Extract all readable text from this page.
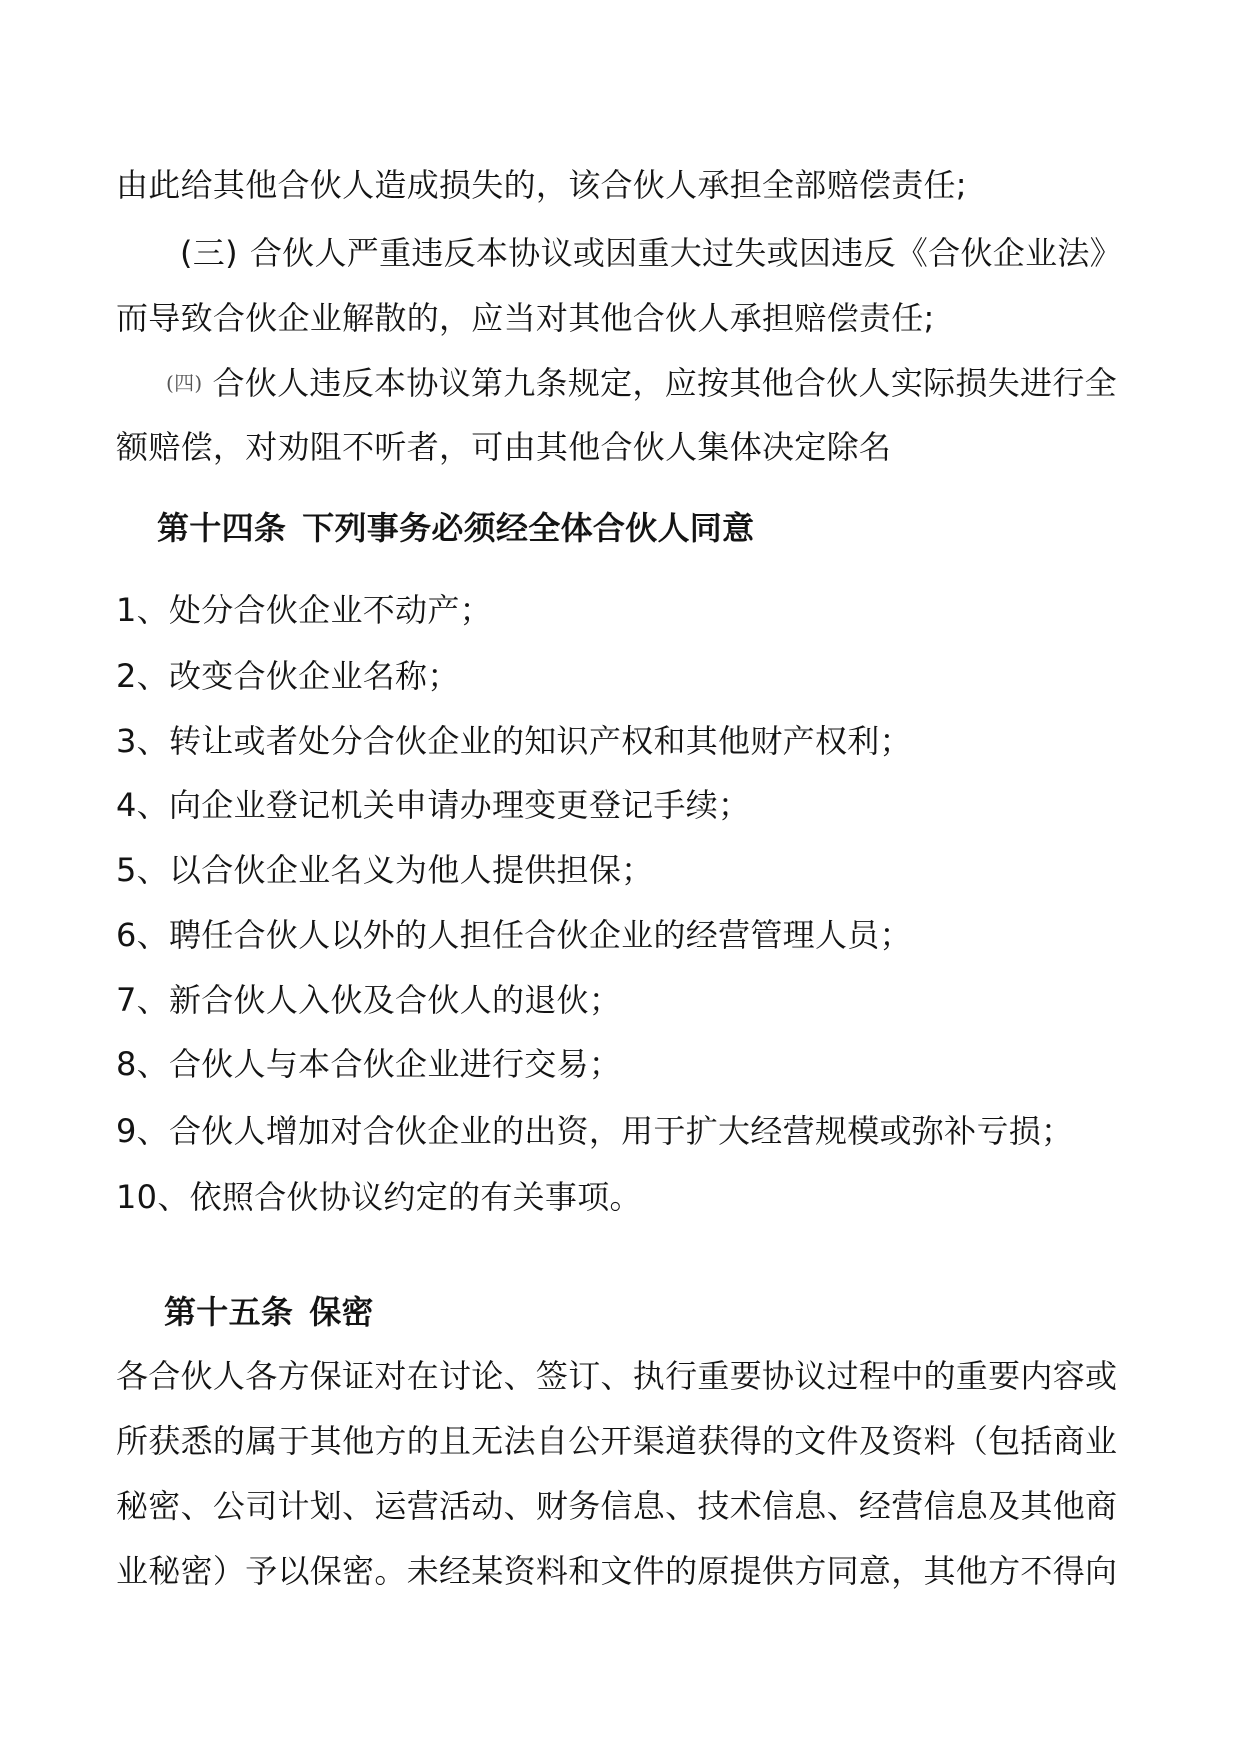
由此给其他合伙人造成损失的，该合伙人承担全部赔偿责任;
(三) 合伙人严重违反本协议或因重大过失或因违反《合伙企业法》
而导致合伙企业解散的，应当对其他合伙人承担赔偿责任;
(四) 合伙人违反本协议第九条规定，应按其他合伙人实际损失进行全
额赔偿，对劝阻不听者，可由其他合伙人集体决定除名
第十四条 下列事务必须经全体合伙人同意
1、处分合伙企业不动产；
2、改变合伙企业名称；
3、转让或者处分合伙企业的知识产权和其他财产权利；
4、向企业登记机关申请办理变更登记手续；
5、以合伙企业名义为他人提供担保；
6、聘任合伙人以外的人担任合伙企业的经营管理人员；
7、新合伙人入伙及合伙人的退伙；
8、合伙人与本合伙企业进行交易；
9、合伙人增加对合伙企业的出资，用于扩大经营规模或弥补亏损；
10、依照合伙协议约定的有关事项。
第十五条 保密
各合伙人各方保证对在讨论、签订、执行重要协议过程中的重要内容或
所获悉的属于其他方的且无法自公开渠道获得的文件及资料（包括商业
秘密、公司计划、运营活动、财务信息、技术信息、经营信息及其他商
业秘密）予以保密。未经某资料和文件的原提供方同意，其他方不得向
